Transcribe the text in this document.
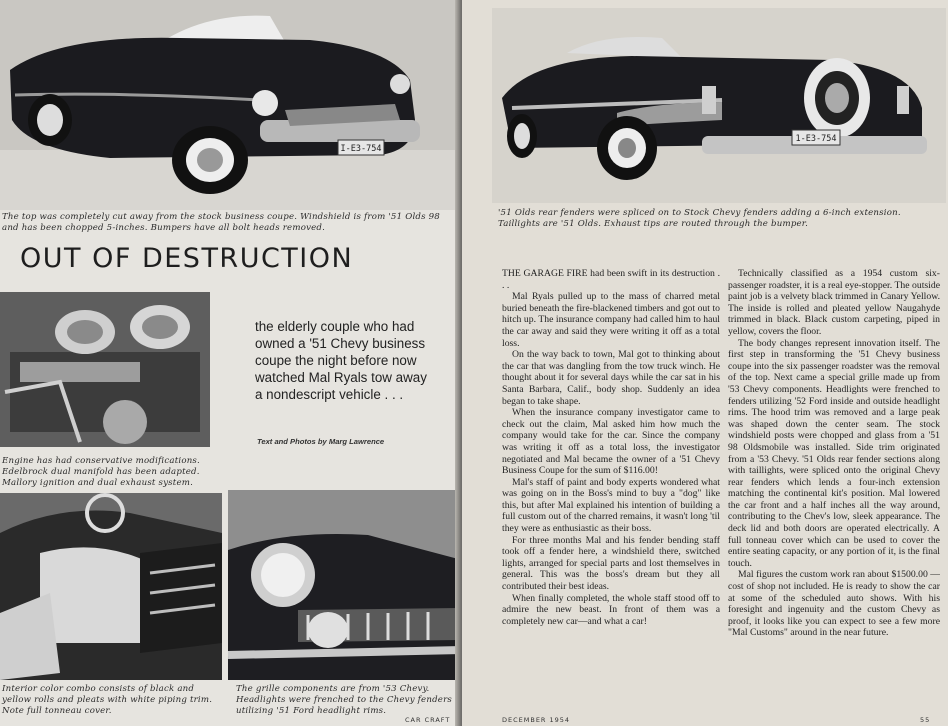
I-E3-754
The top was completely cut away from the stock business coupe. Windshield is from '51 Olds 98 and has been chopped 5-inches. Bumpers have all bolt heads removed.
OUT OF DESTRUCTION
the elderly couple who had owned a '51 Chevy business coupe the night before now watched Mal Ryals tow away a nondescript vehicle . . .
Text and Photos by Marg Lawrence
Engine has had conservative modifications. Edelbrock dual manifold has been adapted. Mallory ignition and dual exhaust system.
Interior color combo consists of black and yellow rolls and pleats with white piping trim. Note full tonneau cover.
The grille components are from '53 Chevy. Headlights were frenched to the Chevy fenders utilizing '51 Ford headlight rims.
CAR CRAFT
1-E3-754
'51 Olds rear fenders were spliced on to Stock Chevy fenders adding a 6-inch extension. Taillights are '51 Olds. Exhaust tips are routed through the bumper.

THE GARAGE FIRE had been swift in its destruction . . .

Mal Ryals pulled up to the mass of charred metal buried beneath the fire-blackened timbers and got out to hitch up. The insurance company had called him to haul the car away and said they were writing it off as a total loss.

On the way back to town, Mal got to thinking about the car that was dangling from the tow truck winch. He thought about it for several days while the car sat in his Santa Barbara, Calif., body shop. Suddenly an idea began to take shape.

When the insurance company investigator came to check out the claim, Mal asked him how much the company would take for the car. Since the company was writing it off as a total loss, the investigator negotiated and Mal became the owner of a '51 Chevy Business Coupe for the sum of $116.00!

Mal's staff of paint and body experts wondered what was going on in the Boss's mind to buy a "dog" like this, but after Mal explained his intention of building a full custom out of the charred remains, it wasn't long 'til they were as enthusiastic as their boss.

For three months Mal and his fender bending staff took off a fender here, a windshield there, switched lights, arranged for special parts and lost themselves in general. This was the boss's dream but they all contributed their best ideas.

When finally completed, the whole staff stood off to admire the new beast. In front of them was a completely new car—and what a car!

Technically classified as a 1954 custom six-passenger roadster, it is a real eye-stopper. The outside paint job is a velvety black trimmed in Canary Yellow. The inside is rolled and pleated yellow Naugahyde trimmed in black. Black custom carpeting, piped in yellow, covers the floor.

The body changes represent innovation itself. The first step in transforming the '51 Chevy business coupe into the six passenger roadster was the removal of the top. Next came a special grille made up from '53 Chevy components. Headlights were frenched to fenders utilizing '52 Ford inside and outside headlight rims. The hood trim was removed and a large peak was shaped down the center seam. The stock windshield posts were chopped and glass from a '51 98 Oldsmobile was installed. Side trim originated from a '53 Chevy. '51 Olds rear fender sections along with taillights, were spliced onto the original Chevy rear fenders which lends a four-inch extension matching the continental kit's position. Mal lowered the car front and a half inches all the way around, contributing to the Chev's low, sleek appearance. The deck lid and both doors are operated electrically. A full tonneau cover which can be used to cover the entire seating capacity, or any portion of it, is the final touch.

Mal figures the custom work ran about $1500.00 — cost of shop not included. He is ready to show the car at some of the scheduled auto shows. With his foresight and ingenuity and the custom Chevy as proof, it looks like you can expect to see a few more "Mal Customs" around in the near future.

DECEMBER 1954	55
